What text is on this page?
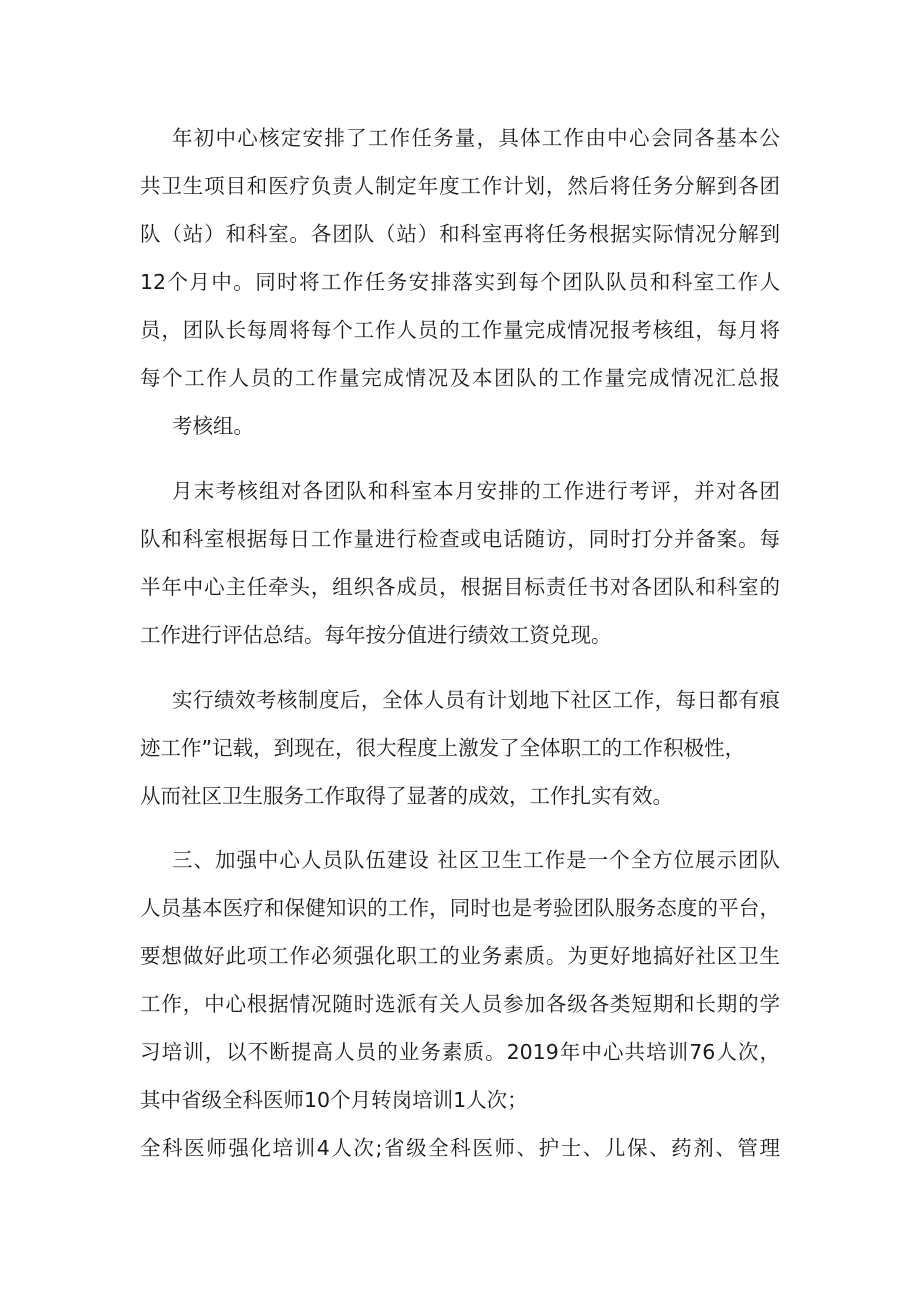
年初中心核定安排了工作任务量，具体工作由中心会同各基本公
共卫生项目和医疗负责人制定年度工作计划，然后将任务分解到各团
队（站）和科室。各团队（站）和科室再将任务根据实际情况分解到
12个月中。同时将工作任务安排落实到每个团队队员和科室工作人
员，团队长每周将每个工作人员的工作量完成情况报考核组，每月将
每个工作人员的工作量完成情况及本团队的工作量完成情况汇总报
考核组。
月末考核组对各团队和科室本月安排的工作进行考评，并对各团
队和科室根据每日工作量进行检查或电话随访，同时打分并备案。每
半年中心主任牵头，组织各成员，根据目标责任书对各团队和科室的
工作进行评估总结。每年按分值进行绩效工资兑现。
实行绩效考核制度后，全体人员有计划地下社区工作，每日都有痕
迹工作”记载，到现在，很大程度上激发了全体职工的工作积极性，
从而社区卫生服务工作取得了显著的成效，工作扎实有效。
三、加强中心人员队伍建设 社区卫生工作是一个全方位展示团队
人员基本医疗和保健知识的工作，同时也是考验团队服务态度的平台，
要想做好此项工作必须强化职工的业务素质。为更好地搞好社区卫生
工作，中心根据情况随时选派有关人员参加各级各类短期和长期的学
习培训，以不断提高人员的业务素质。2019年中心共培训76人次，
其中省级全科医师10个月转岗培训1人次；
全科医师强化培训4人次;省级全科医师、护士、儿保、药剂、管理
